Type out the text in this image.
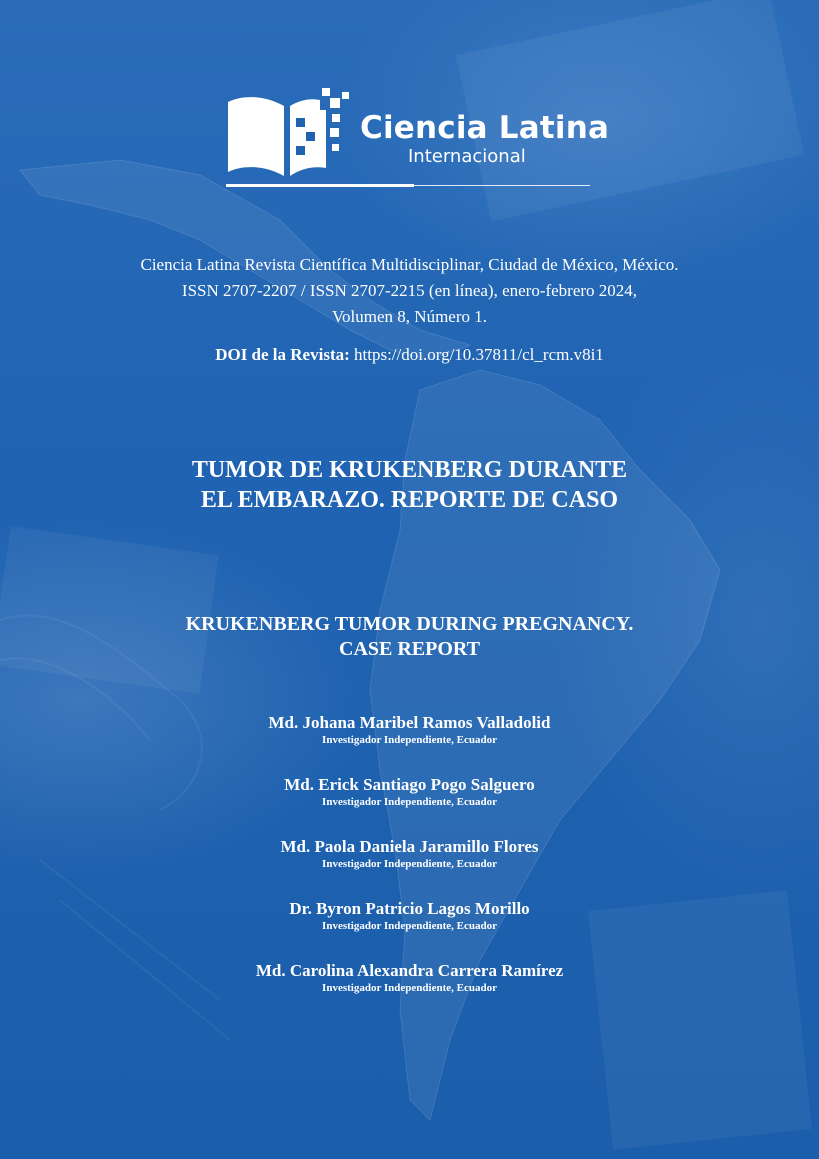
Ciencia Latina

Internacional

Ciencia Latina Revista Científica Multidisciplinar, Ciudad de México, México.

ISSN 2707-2207 / ISSN 2707-2215 (en línea), enero-febrero 2024,

Volumen 8, Número 1.

DOI de la Revista: https://doi.org/10.37811/cl_rcm.v8i1

TUMOR DE KRUKENBERG DURANTE
EL EMBARAZO. REPORTE DE CASO
KRUKENBERG TUMOR DURING PREGNANCY.
CASE REPORT
Md. Johana Maribel Ramos Valladolid
Investigador Independiente, Ecuador
Md. Erick Santiago Pogo Salguero
Investigador Independiente, Ecuador
Md. Paola Daniela Jaramillo Flores
Investigador Independiente, Ecuador
Dr. Byron Patricio Lagos Morillo
Investigador Independiente, Ecuador
Md. Carolina Alexandra Carrera Ramírez
Investigador Independiente, Ecuador
